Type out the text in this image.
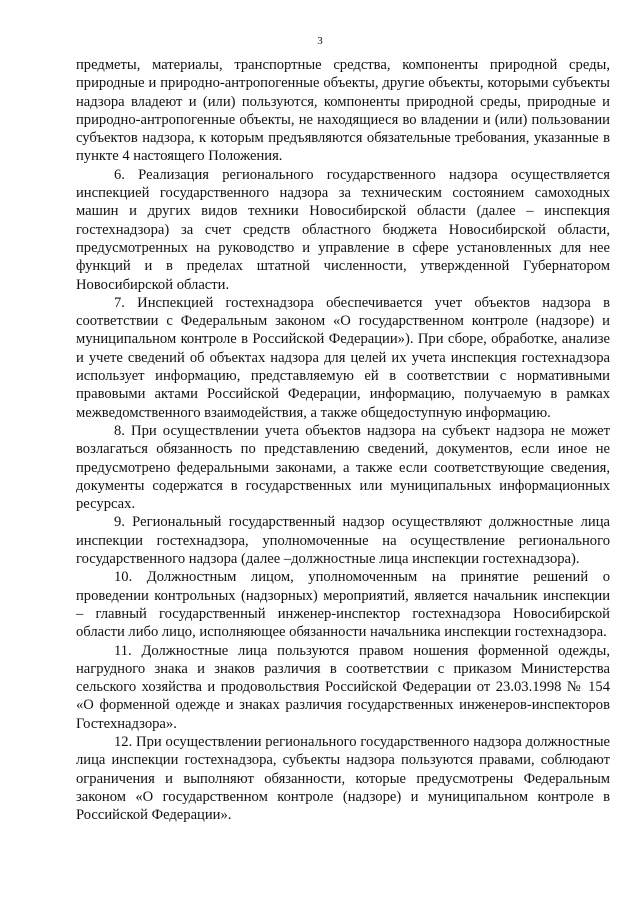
3

предметы, материалы, транспортные средства, компоненты природной среды, природные и природно-антропогенные объекты, другие объекты, которыми субъекты надзора владеют и (или) пользуются, компоненты природной среды, природные и природно-антропогенные объекты, не находящиеся во владении и (или) пользовании субъектов надзора, к которым предъявляются обязательные требования, указанные в пункте 4 настоящего Положения.

6. Реализация регионального государственного надзора осуществляется инспекцией государственного надзора за техническим состоянием самоходных машин и других видов техники Новосибирской области (далее – инспекция гостехнадзора) за счет средств областного бюджета Новосибирской области, предусмотренных на руководство и управление в сфере установленных для нее функций и в пределах штатной численности, утвержденной Губернатором Новосибирской области.

7. Инспекцией гостехнадзора обеспечивается учет объектов надзора в соответствии с Федеральным законом «О государственном контроле (надзоре) и муниципальном контроле в Российской Федерации»). При сборе, обработке, анализе и учете сведений об объектах надзора для целей их учета инспекция гостехнадзора использует информацию, представляемую ей в соответствии с нормативными правовыми актами Российской Федерации, информацию, получаемую в рамках межведомственного взаимодействия, а также общедоступную информацию.

8. При осуществлении учета объектов надзора на субъект надзора не может возлагаться обязанность по представлению сведений, документов, если иное не предусмотрено федеральными законами, а также если соответствующие сведения, документы содержатся в государственных или муниципальных информационных ресурсах.

9. Региональный государственный надзор осуществляют должностные лица инспекции гостехнадзора, уполномоченные на осуществление регионального государственного надзора (далее –должностные лица инспекции гостехнадзора).

10. Должностным лицом, уполномоченным на принятие решений о проведении контрольных (надзорных) мероприятий, является начальник инспекции – главный государственный инженер-инспектор гостехнадзора Новосибирской области либо лицо, исполняющее обязанности начальника инспекции гостехнадзора.

11. Должностные лица пользуются правом ношения форменной одежды, нагрудного знака и знаков различия в соответствии с приказом Министерства сельского хозяйства и продовольствия Российской Федерации от 23.03.1998 № 154 «О форменной одежде и знаках различия государственных инженеров-инспекторов Гостехнадзора».

12. При осуществлении регионального государственного надзора должностные лица инспекции гостехнадзора, субъекты надзора пользуются правами, соблюдают ограничения и выполняют обязанности, которые предусмотрены Федеральным законом «О государственном контроле (надзоре) и муниципальном контроле в Российской Федерации».
